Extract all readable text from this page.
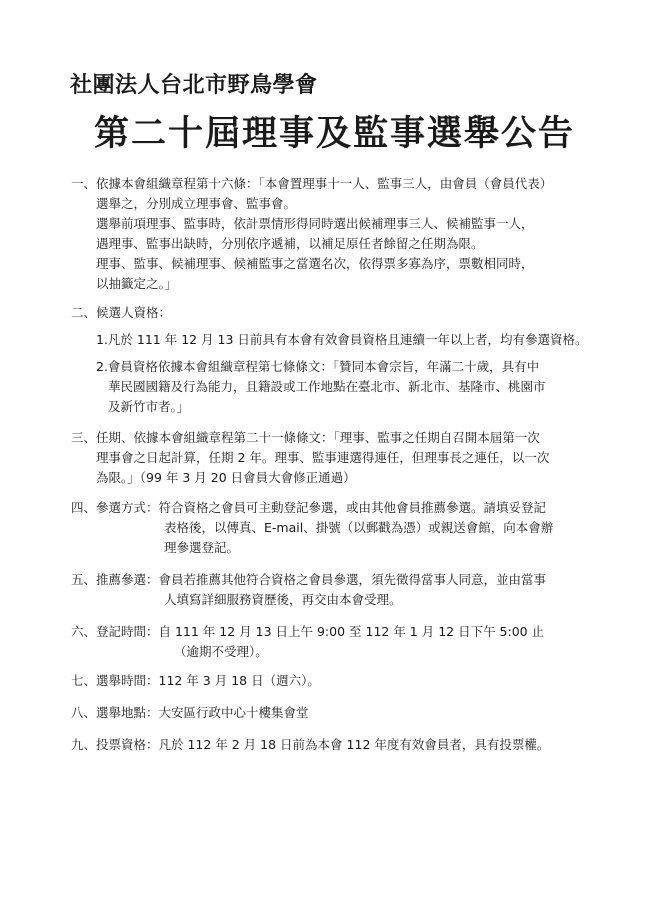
社團法人台北市野鳥學會
第二十屆理事及監事選舉公告
一、依據本會組織章程第十六條：「本會置理事十一人、監事三人，由會員（會員代表）
選舉之，分別成立理事會、監事會。
選舉前項理事、監事時，依計票情形得同時選出候補理事三人、候補監事一人，
遇理事、監事出缺時，分別依序遞補，以補足原任者餘留之任期為限。
理事、監事、候補理事、候補監事之當選名次，依得票多寡為序，票數相同時，
以抽籤定之。」
二、候選人資格：
1.凡於 111 年 12 月 13 日前具有本會有效會員資格且連續一年以上者，均有參選資格。
2.會員資格依據本會組織章程第七條條文：「贊同本會宗旨，年滿二十歲，具有中
華民國國籍及行為能力，且籍設或工作地點在臺北市、新北市、基隆市、桃園市
及新竹市者。」
三、任期、依據本會組織章程第二十一條條文：「理事、監事之任期自召開本屆第一次
理事會之日起計算，任期 2 年。理事、監事連選得連任，但理事長之連任，以一次
為限。」（99 年 3 月 20 日會員大會修正通過）
四、參選方式：符合資格之會員可主動登記參選，或由其他會員推薦參選。請填妥登記
表格後，以傳真、E-mail、掛號（以郵戳為憑）或親送會館，向本會辦
理參選登記。
五、推薦參選：會員若推薦其他符合資格之會員參選，須先徵得當事人同意，並由當事
人填寫詳細服務資歷後，再交由本會受理。
六、登記時間：自 111 年 12 月 13 日上午 9:00 至 112 年 1 月 12 日下午 5:00 止
（逾期不受理）。
七、選舉時間：112 年 3 月 18 日（週六）。
八、選舉地點：大安區行政中心十樓集會堂
九、投票資格：凡於 112 年 2 月 18 日前為本會 112 年度有效會員者，具有投票權。
